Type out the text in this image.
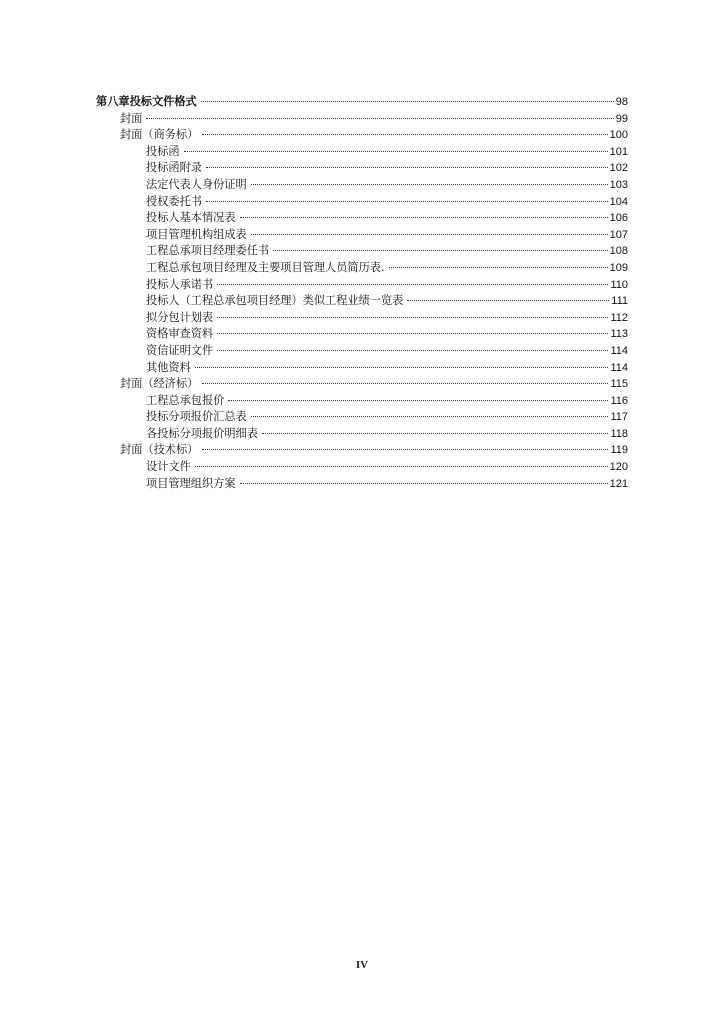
第八章投标文件格式	98
封面	99
封面（商务标）	100
投标函	101
投标函附录	102
法定代表人身份证明	103
授权委托书	104
投标人基本情况表	106
项目管理机构组成表	107
工程总承项目经理委任书	108
工程总承包项目经理及主要项目管理人员简历表.	109
投标人承诺书	110
投标人（工程总承包项目经理）类似工程业绩一览表	111
拟分包计划表	112
资格审查资料	113
资信证明文件	114
其他资料	114
封面（经济标）	115
工程总承包报价	116
投标分项报价汇总表	117
各投标分项报价明细表	118
封面（技术标）	119
设计文件	120
项目管理组织方案	121
IV
